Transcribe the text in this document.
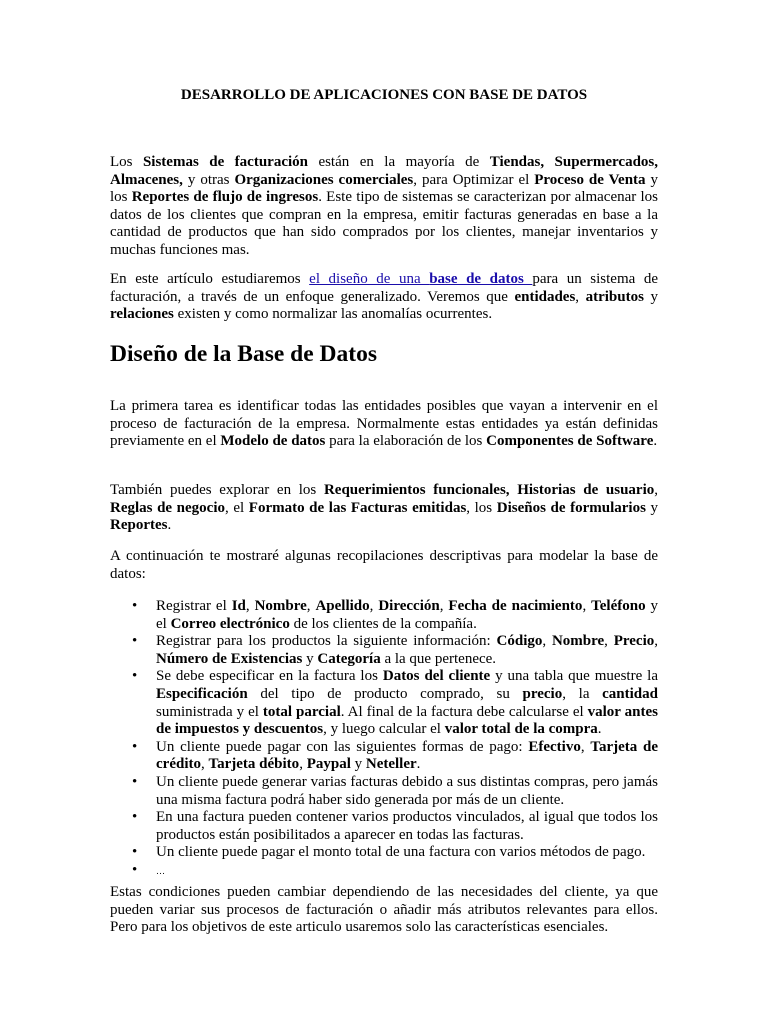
DESARROLLO DE APLICACIONES CON BASE DE DATOS

Los Sistemas de facturación están en la mayoría de Tiendas, Supermercados, Almacenes, y otras Organizaciones comerciales, para Optimizar el Proceso de Venta y los Reportes de flujo de ingresos. Este tipo de sistemas se caracterizan por almacenar los datos de los clientes que compran en la empresa, emitir facturas generadas en base a la cantidad de productos que han sido comprados por los clientes, manejar inventarios y muchas funciones mas.

En este artículo estudiaremos el diseño de una base de datos para un sistema de facturación, a través de un enfoque generalizado. Veremos que entidades, atributos y relaciones existen y como normalizar las anomalías ocurrentes.

Diseño de la Base de Datos

La primera tarea es identificar todas las entidades posibles que vayan a intervenir en el proceso de facturación de la empresa. Normalmente estas entidades ya están definidas previamente en el Modelo de datos para la elaboración de los Componentes de Software.

También puedes explorar en los Requerimientos funcionales, Historias de usuario, Reglas de negocio, el Formato de las Facturas emitidas, los Diseños de formularios y Reportes.

A continuación te mostraré algunas recopilaciones descriptivas para modelar la base de datos:

• Registrar el Id, Nombre, Apellido, Dirección, Fecha de nacimiento, Teléfono y el Correo electrónico de los clientes de la compañía.
• Registrar para los productos la siguiente información: Código, Nombre, Precio, Número de Existencias y Categoría a la que pertenece.
• Se debe especificar en la factura los Datos del cliente y una tabla que muestre la Especificación del tipo de producto comprado, su precio, la cantidad suministrada y el total parcial. Al final de la factura debe calcularse el valor antes de impuestos y descuentos, y luego calcular el valor total de la compra.
• Un cliente puede pagar con las siguientes formas de pago: Efectivo, Tarjeta de crédito, Tarjeta débito, Paypal y Neteller.
• Un cliente puede generar varias facturas debido a sus distintas compras, pero jamás una misma factura podrá haber sido generada por más de un cliente.
• En una factura pueden contener varios productos vinculados, al igual que todos los productos están posibilitados a aparecer en todas las facturas.
• Un cliente puede pagar el monto total de una factura con varios métodos de pago.
• …

Estas condiciones pueden cambiar dependiendo de las necesidades del cliente, ya que pueden variar sus procesos de facturación o añadir más atributos relevantes para ellos. Pero para los objetivos de este articulo usaremos solo las características esenciales.
